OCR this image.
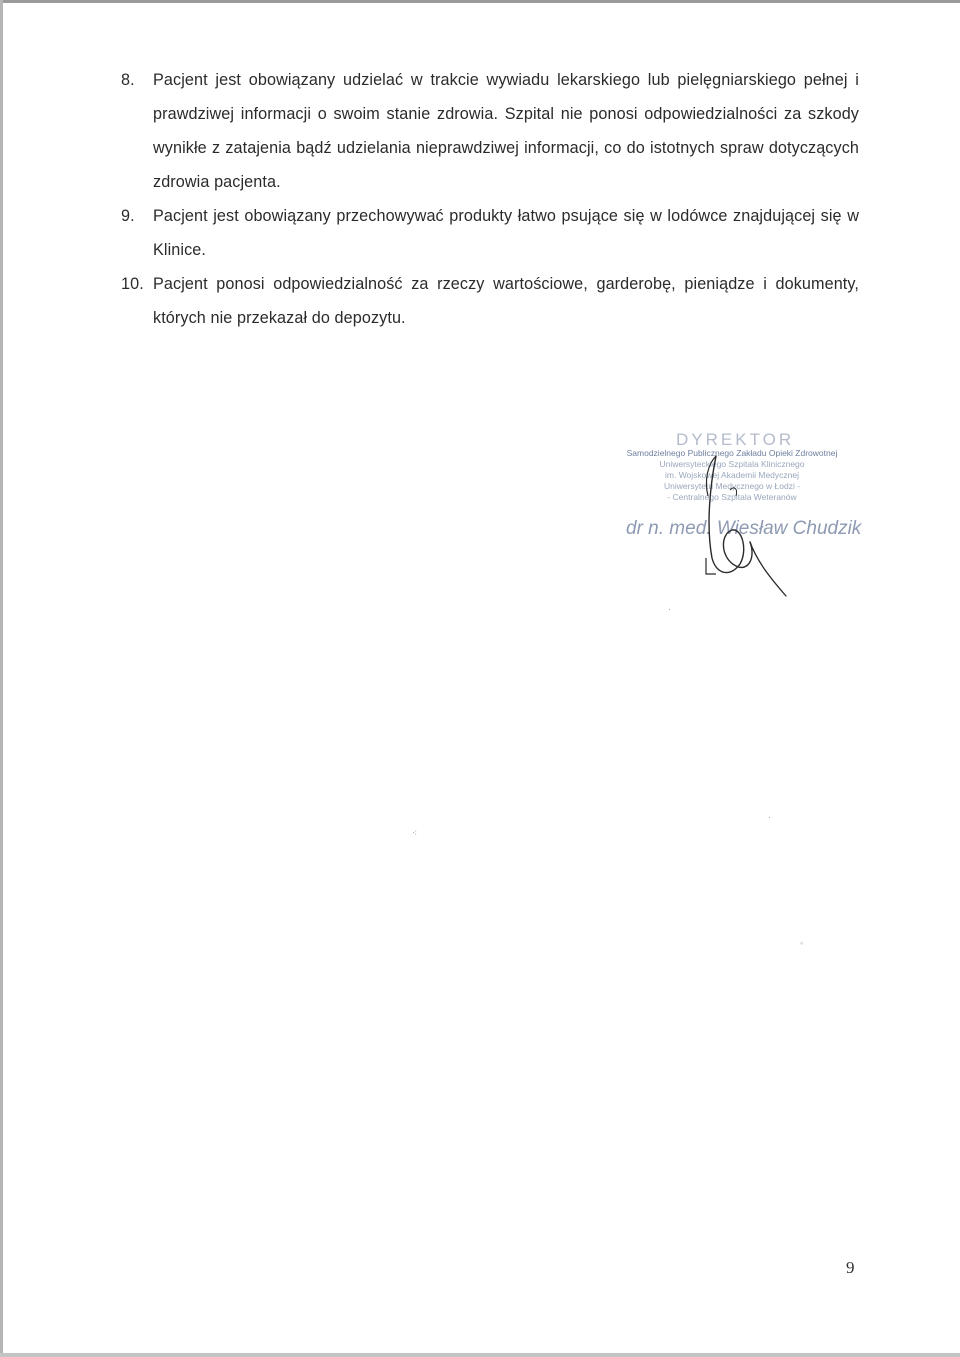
8. Pacjent jest obowiązany udzielać w trakcie wywiadu lekarskiego lub pielęgniarskiego pełnej i prawdziwej informacji o swoim stanie zdrowia. Szpital nie ponosi odpowiedzialności za szkody wynikłe z zatajenia bądź udzielania nieprawdziwej informacji, co do istotnych spraw dotyczących zdrowia pacjenta.
9. Pacjent jest obowiązany przechowywać produkty łatwo psujące się w lodówce znajdującej się w Klinice.
10. Pacjent ponosi odpowiedzialność za rzeczy wartościowe, garderobę, pieniądze i dokumenty, których nie przekazał do depozytu.
DYREKTOR
Samodzielnego Publicznego Zakładu Opieki Zdrowotnej
Uniwersyteckiego Szpitala Klinicznego
im. Wojskowej Akademii Medycznej
Uniwersytetu Medycznego w Łodzi -
- Centralnego Szpitala Weteranów
dr n. med. Wiesław Chudzik
·
⁖
·
◦
9
